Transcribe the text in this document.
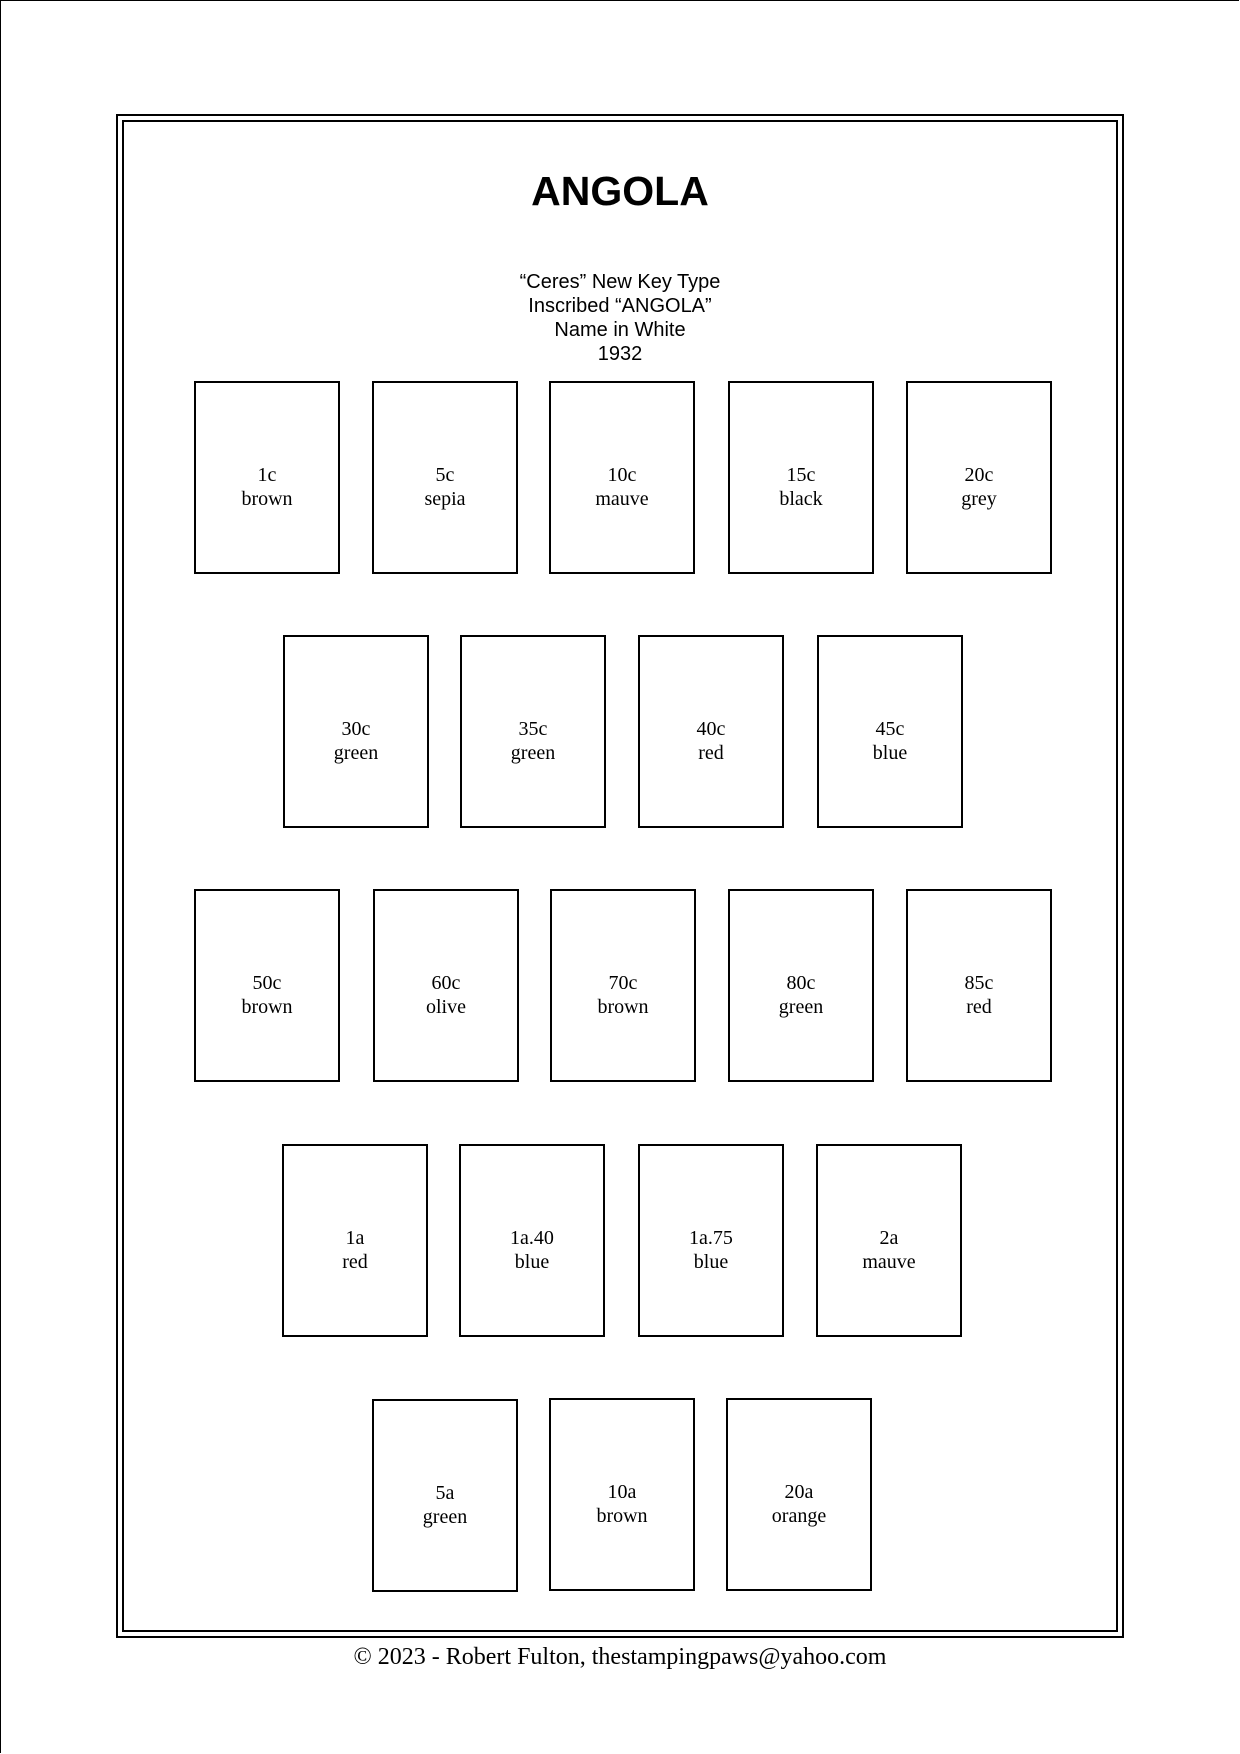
ANGOLA
“Ceres” New Key Type
Inscribed “ANGOLA”
Name in White
1932
1c
brown
5c
sepia
10c
mauve
15c
black
20c
grey
30c
green
35c
green
40c
red
45c
blue
50c
brown
60c
olive
70c
brown
80c
green
85c
red
1a
red
1a.40
blue
1a.75
blue
2a
mauve
5a
green
10a
brown
20a
orange
© 2023 - Robert Fulton, thestampingpaws@yahoo.com
